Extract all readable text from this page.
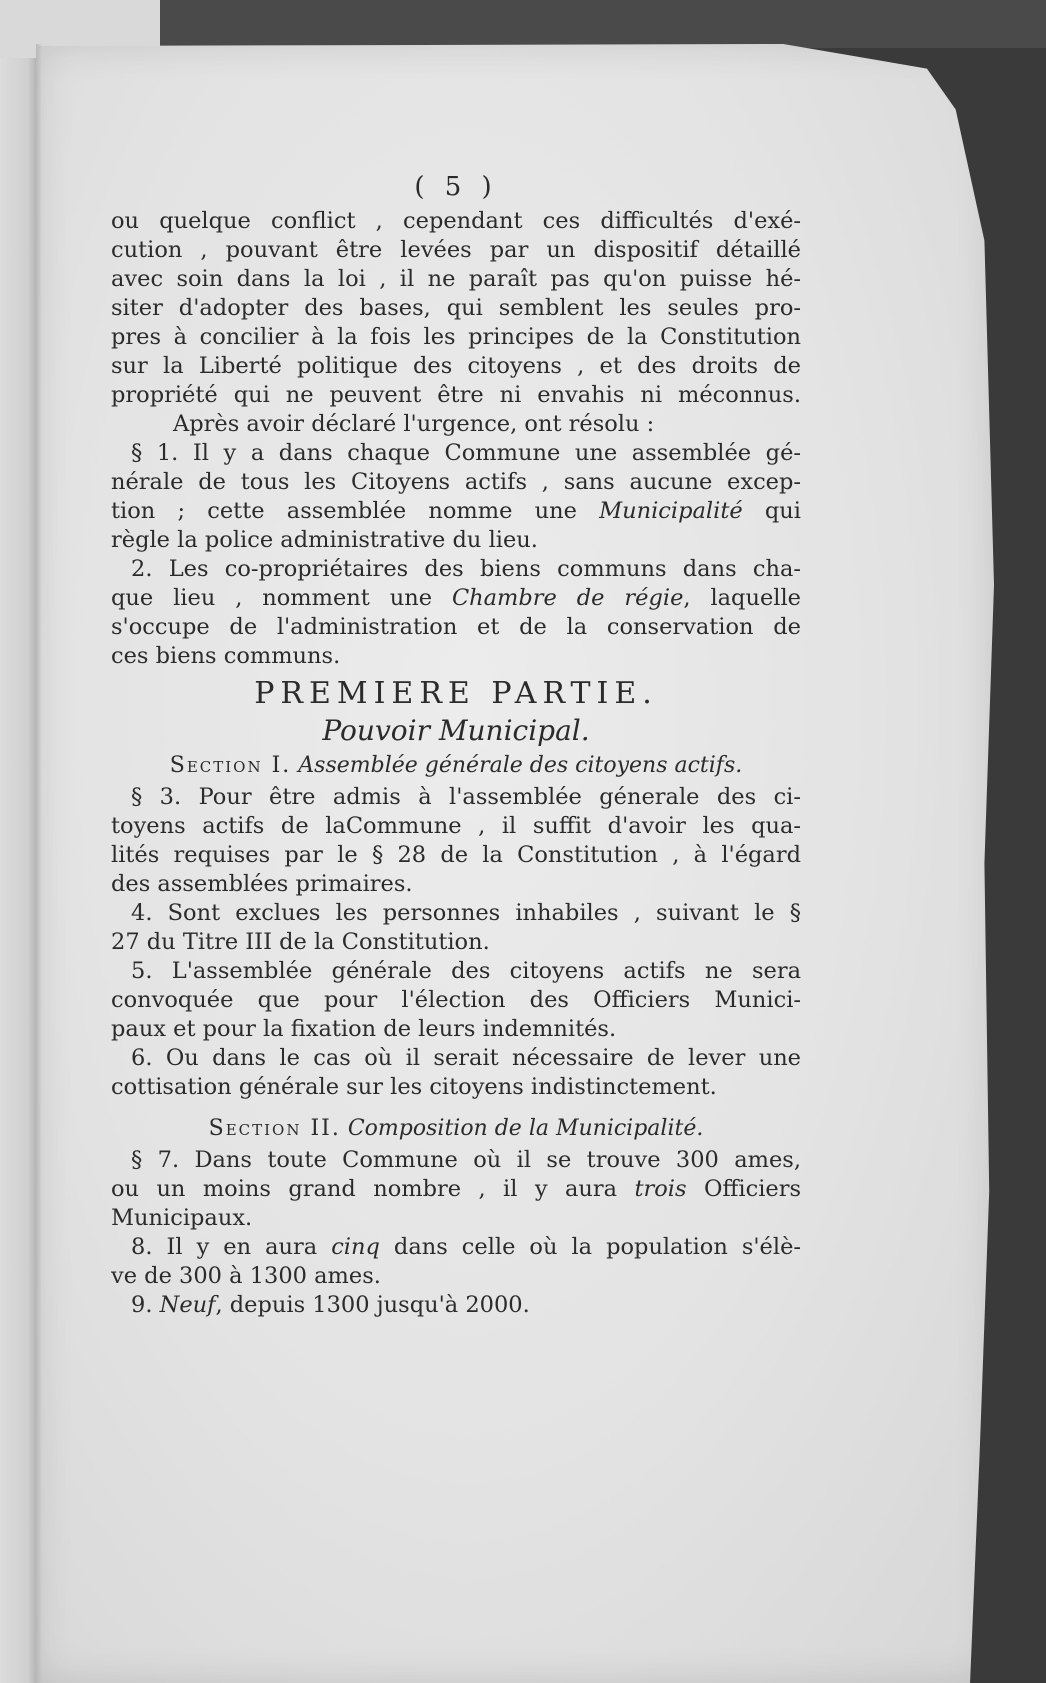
( 5 )
ou quelque conflict , cependant ces difficultés d'exé-
cution , pouvant être levées par un dispositif détaillé
avec soin dans la loi , il ne paraît pas qu'on puisse hé-
siter d'adopter des bases, qui semblent les seules pro-
pres à concilier à la fois les principes de la Constitution
sur la Liberté politique des citoyens , et des droits de
propriété qui ne peuvent être ni envahis ni méconnus.
Après avoir déclaré l'urgence, ont résolu :
§ 1. Il y a dans chaque Commune une assemblée gé-
nérale de tous les Citoyens actifs , sans aucune excep-
tion ; cette assemblée nomme une Municipalité qui
règle la police administrative du lieu.
2. Les co-propriétaires des biens communs dans cha-
que lieu , nomment une Chambre de régie, laquelle
s'occupe de l'administration et de la conservation de
ces biens communs.
PREMIERE PARTIE.
Pouvoir Municipal.
Section I. Assemblée générale des citoyens actifs.
§ 3. Pour être admis à l'assemblée génerale des ci-
toyens actifs de laCommune , il suffit d'avoir les qua-
lités requises par le § 28 de la Constitution , à l'égard
des assemblées primaires.
4. Sont exclues les personnes inhabiles , suivant le §
27 du Titre III de la Constitution.
5. L'assemblée générale des citoyens actifs ne sera
convoquée que pour l'élection des Officiers Munici-
paux et pour la fixation de leurs indemnités.
6. Ou dans le cas où il serait nécessaire de lever une
cottisation générale sur les citoyens indistinctement.
Section II. Composition de la Municipalité.
§ 7. Dans toute Commune où il se trouve 300 ames,
ou un moins grand nombre , il y aura trois Officiers
Municipaux.
8. Il y en aura cinq dans celle où la population s'élè-
ve de 300 à 1300 ames.
9. Neuf, depuis 1300 jusqu'à 2000.
